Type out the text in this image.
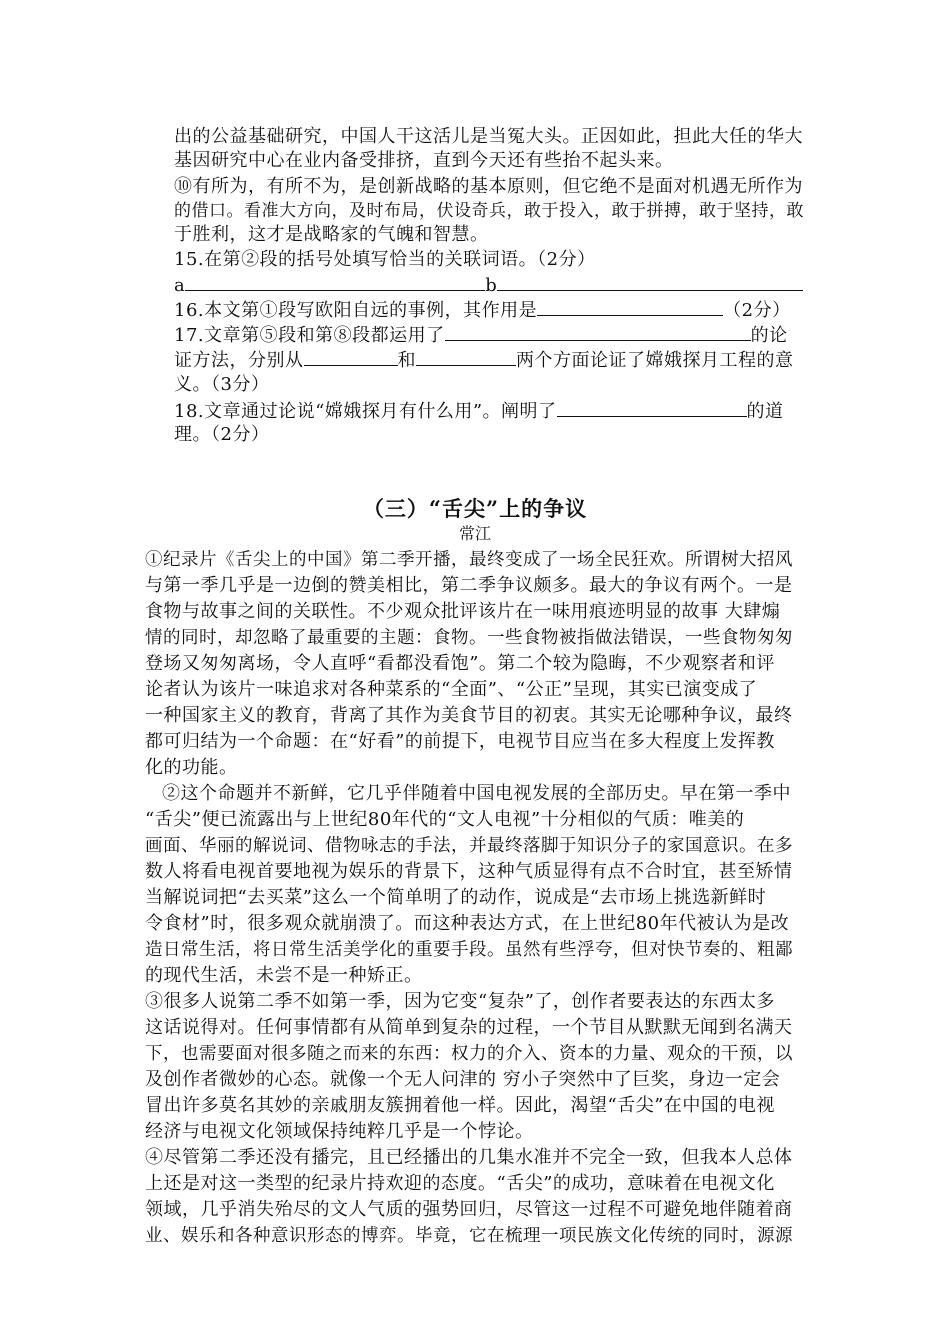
出的公益基础研究，中国人干这活儿是当冤大头。正因如此，担此大任的华大
基因研究中心在业内备受排挤，直到今天还有些抬不起头来。
⑩有所为，有所不为，是创新战略的基本原则，但它绝不是面对机遇无所作为
的借口。看准大方向，及时布局，伏设奇兵，敢于投入，敢于拼搏，敢于坚持，敢
于胜利，这才是战略家的气魄和智慧。
15.在第②段的括号处填写恰当的关联词语。（2分）
a	b
16.本文第①段写欧阳自远的事例，其作用是	（2分）
17.文章第⑤段和第⑧段都运用了	的论
证方法，分别从	和	两个方面论证了嫦娥探月工程的意
义。（3分）
18.文章通过论说“嫦娥探月有什么用”。阐明了	的道
理。（2分）
（三）“舌尖”上的争议
常江
①纪录片《舌尖上的中国》第二季开播，最终变成了一场全民狂欢。所谓树大招风
与第一季几乎是一边倒的赞美相比，第二季争议颇多。最大的争议有两个。一是
食物与故事之间的关联性。不少观众批评该片在一味用痕迹明显的故事 大肆煽
情的同时，却忽略了最重要的主题：食物。一些食物被指做法错误，一些食物匆匆
登场又匆匆离场，令人直呼“看都没看饱”。第二个较为隐晦，不少观察者和评
论者认为该片一味追求对各种菜系的“全面”、“公正”呈现，其实已演变成了
一种国家主义的教育，背离了其作为美食节目的初衷。其实无论哪种争议，最终
都可归结为一个命题：在“好看”的前提下，电视节目应当在多大程度上发挥教
化的功能。
②这个命题并不新鲜，它几乎伴随着中国电视发展的全部历史。早在第一季中
“舌尖”便已流露出与上世纪80年代的“文人电视”十分相似的气质：唯美的
画面、华丽的解说词、借物咏志的手法，并最终落脚于知识分子的家国意识。在多
数人将看电视首要地视为娱乐的背景下，这种气质显得有点不合时宜，甚至矫情
当解说词把“去买菜”这么一个简单明了的动作，说成是“去市场上挑选新鲜时
令食材”时，很多观众就崩溃了。而这种表达方式，在上世纪80年代被认为是改
造日常生活，将日常生活美学化的重要手段。虽然有些浮夸，但对快节奏的、粗鄙
的现代生活，未尝不是一种矫正。
③很多人说第二季不如第一季，因为它变“复杂”了，创作者要表达的东西太多
这话说得对。任何事情都有从简单到复杂的过程，一个节目从默默无闻到名满天
下，也需要面对很多随之而来的东西：权力的介入、资本的力量、观众的干预，以
及创作者微妙的心态。就像一个无人问津的 穷小子突然中了巨奖，身边一定会
冒出许多莫名其妙的亲戚朋友簇拥着他一样。因此，渴望“舌尖”在中国的电视
经济与电视文化领域保持纯粹几乎是一个悖论。
④尽管第二季还没有播完，且已经播出的几集水准并不完全一致，但我本人总体
上还是对这一类型的纪录片持欢迎的态度。“舌尖”的成功，意味着在电视文化
领域，几乎消失殆尽的文人气质的强势回归，尽管这一过程不可避免地伴随着商
业、娱乐和各种意识形态的博弈。毕竟，它在梳理一项民族文化传统的同时，源源
